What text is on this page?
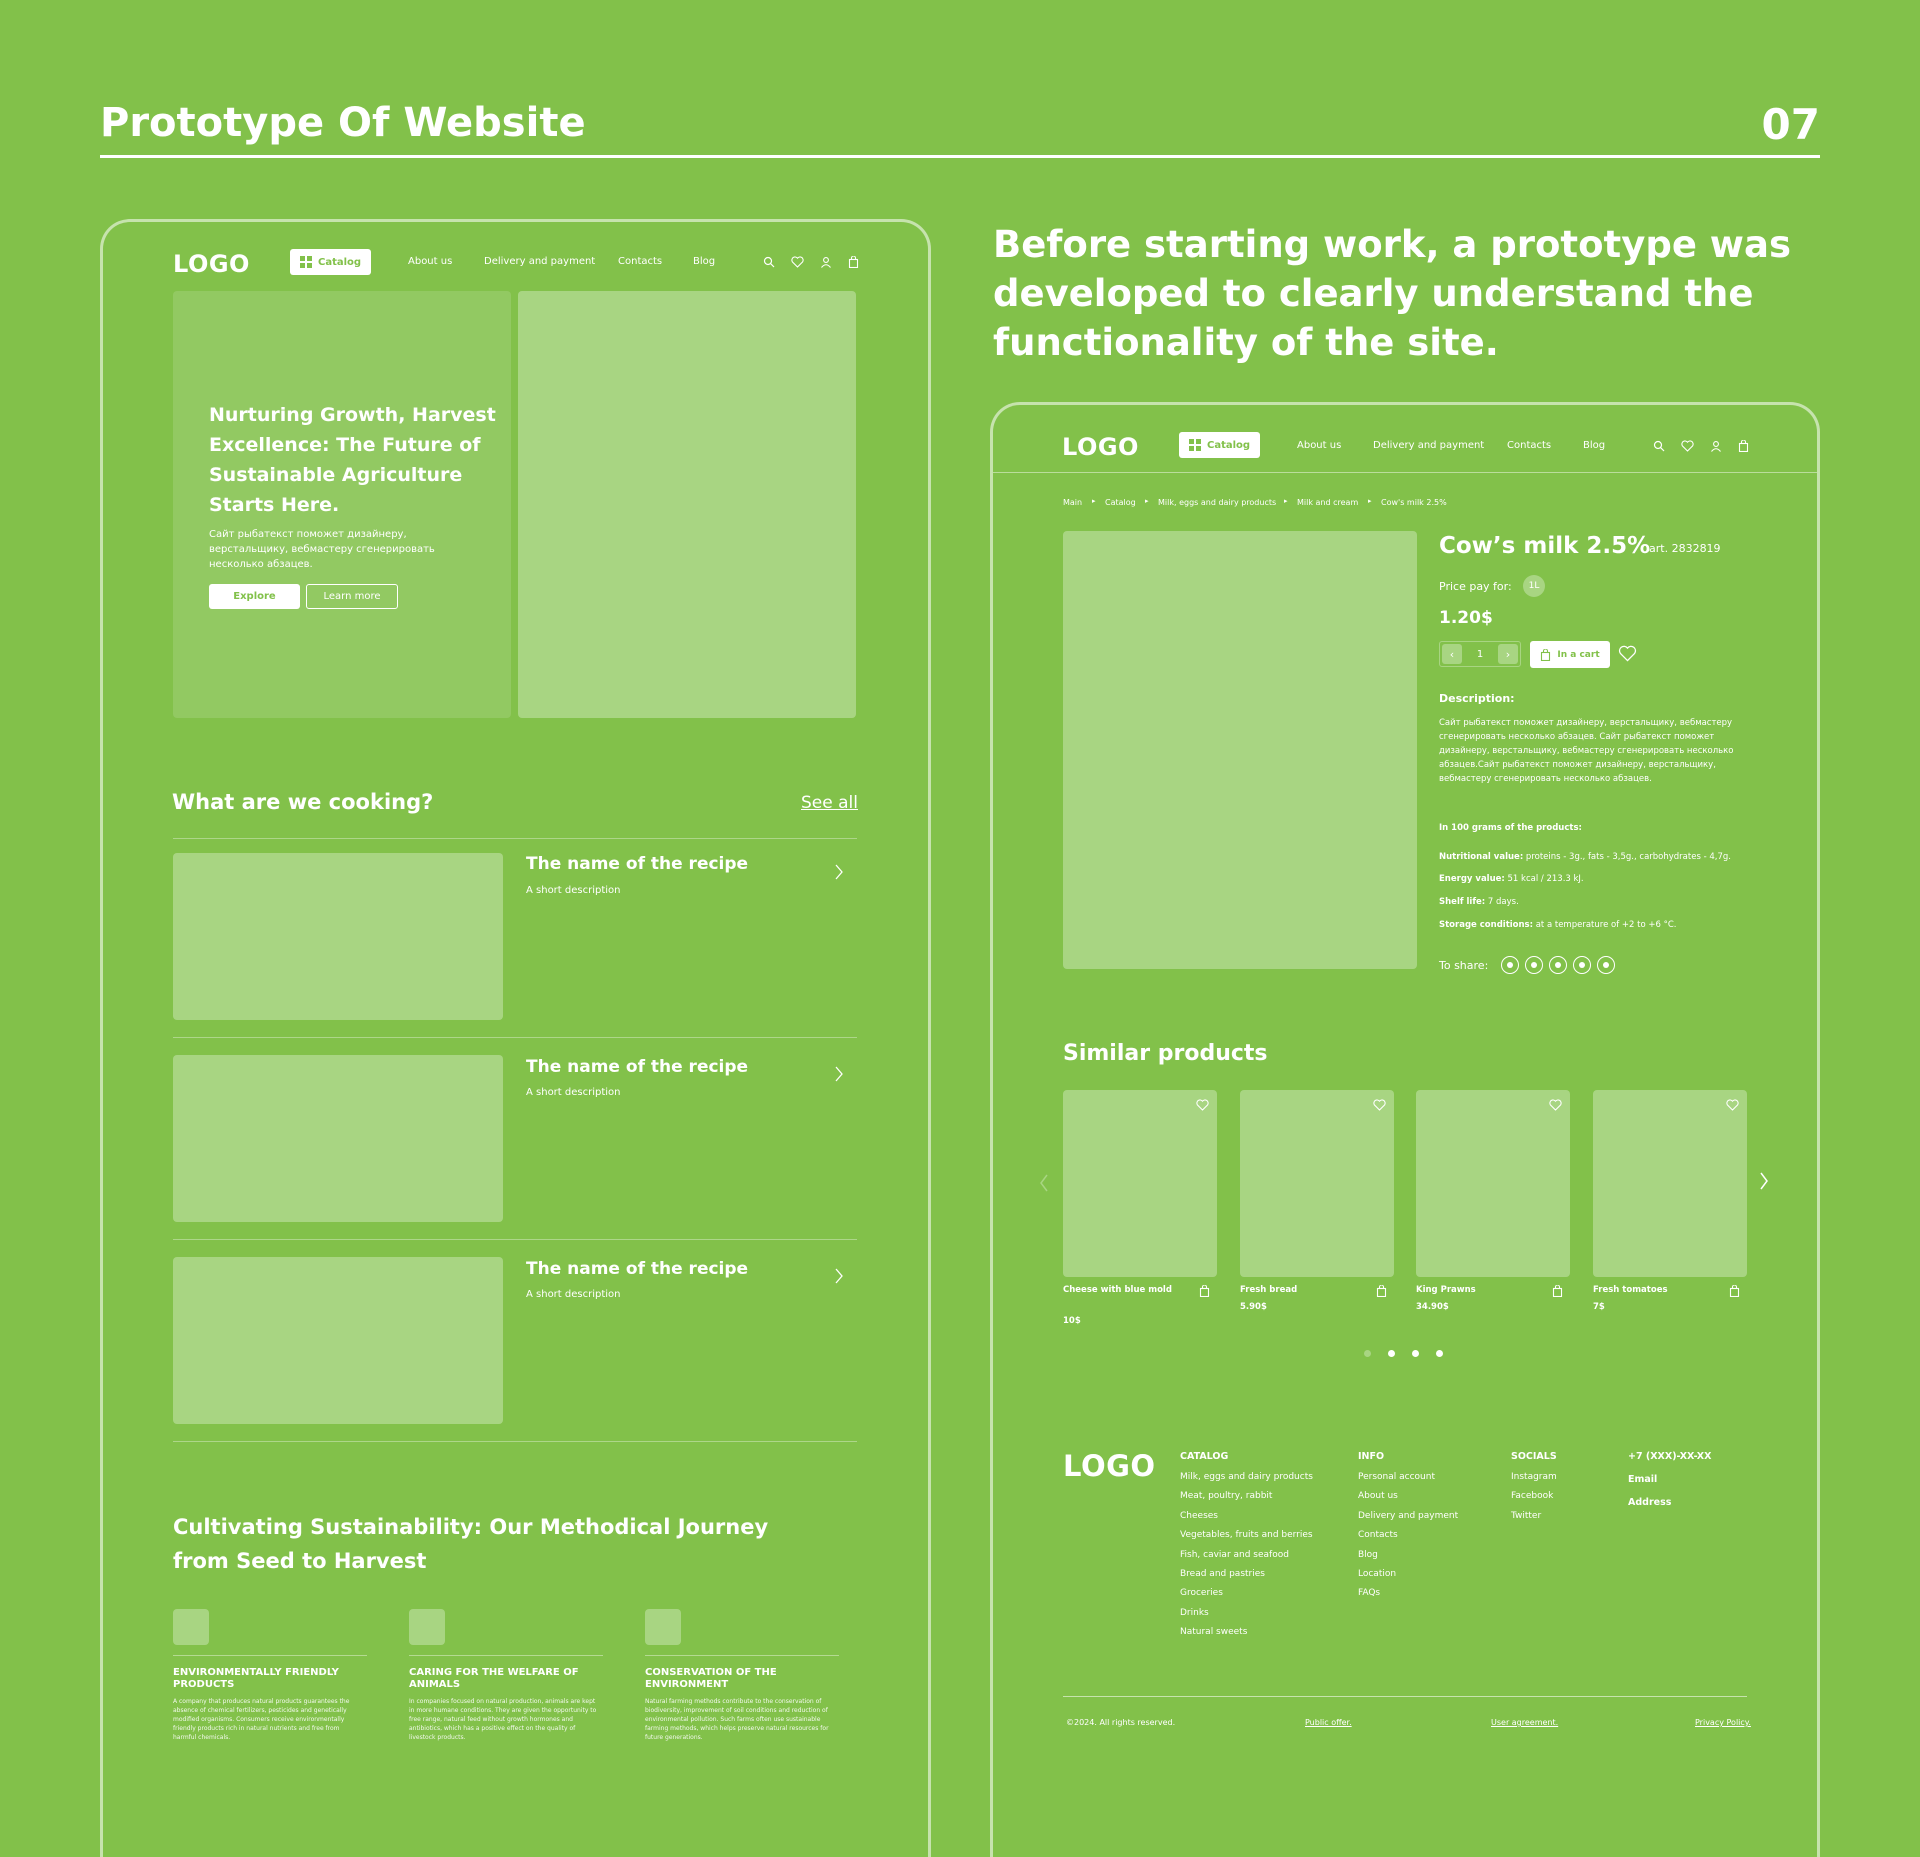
Prototype Of Website	07
LOGO	Catalog	About us	Delivery and payment Contacts	Blog
Nurturing Growth, Harvest Excellence: The Future of Sustainable Agriculture Starts Here.
Сайт рыбатекст поможет дизайнеру, верстальщику, вебмастеру сгенерировать несколько абзацев.
Explore	Learn more
What are we cooking?	See all
The name of the recipe
A short description
The name of the recipe
A short description
The name of the recipe
A short description
Cultivating Sustainability: Our Methodical Journey from Seed to Harvest
ENVIRONMENTALLY FRIENDLY PRODUCTS
A company that produces natural products guarantees the absence of chemical fertilizers, pesticides and genetically modified organisms. Consumers receive environmentally friendly products rich in natural nutrients and free from harmful chemicals.
CARING FOR THE WELFARE OF ANIMALS
In companies focused on natural production, animals are kept in more humane conditions. They are given the opportunity to free range, natural feed without growth hormones and antibiotics, which has a positive effect on the quality of livestock products.
CONSERVATION OF THE ENVIRONMENT
Natural farming methods contribute to the conservation of biodiversity, improvement of soil conditions and reduction of environmental pollution. Such farms often use sustainable farming methods, which helps preserve natural resources for future generations.
Before starting work, a prototype was developed to clearly understand the functionality of the site.
LOGO	Catalog	About us	Delivery and payment Contacts	Blog
Main ▸ Catalog ▸ Milk, eggs and dairy products ▸ Milk and cream ▸ Cow's milk 2.5%
Cow’s milk 2.5%
art. 2832819
Price pay for:	1L
1.20$
‹	1	›	In a cart
Description:
Сайт рыбатекст поможет дизайнеру, верстальщику, вебмастеру сгенерировать несколько абзацев. Сайт рыбатекст поможет дизайнеру, верстальщику, вебмастеру сгенерировать несколько абзацев.Сайт рыбатекст поможет дизайнеру, верстальщику, вебмастеру сгенерировать несколько абзацев.
In 100 grams of the products:
Nutritional value: proteins - 3g., fats - 3,5g., carbohydrates - 4,7g.
Energy value: 51 kcal / 213.3 kJ.
Shelf life: 7 days.
Storage conditions: at a temperature of +2 to +6 °C.
To share:
Similar products
Cheese with blue mold
10$
Fresh bread
5.90$
King Prawns
34.90$
Fresh tomatoes
7$
LOGO	CATALOG
Milk, eggs and dairy products
Meat, poultry, rabbit
Cheeses
Vegetables, fruits and berries
Fish, caviar and seafood
Bread and pastries
Groceries
Drinks
Natural sweets
INFO
Personal account
About us
Delivery and payment
Contacts
Blog
Location
FAQs
SOCIALS
Instagram
Facebook
Twitter
+7 (XXX)-XX-XX
Email
Address
©2024. All rights reserved.	Public offer.	User agreement.	Privacy Policy.
